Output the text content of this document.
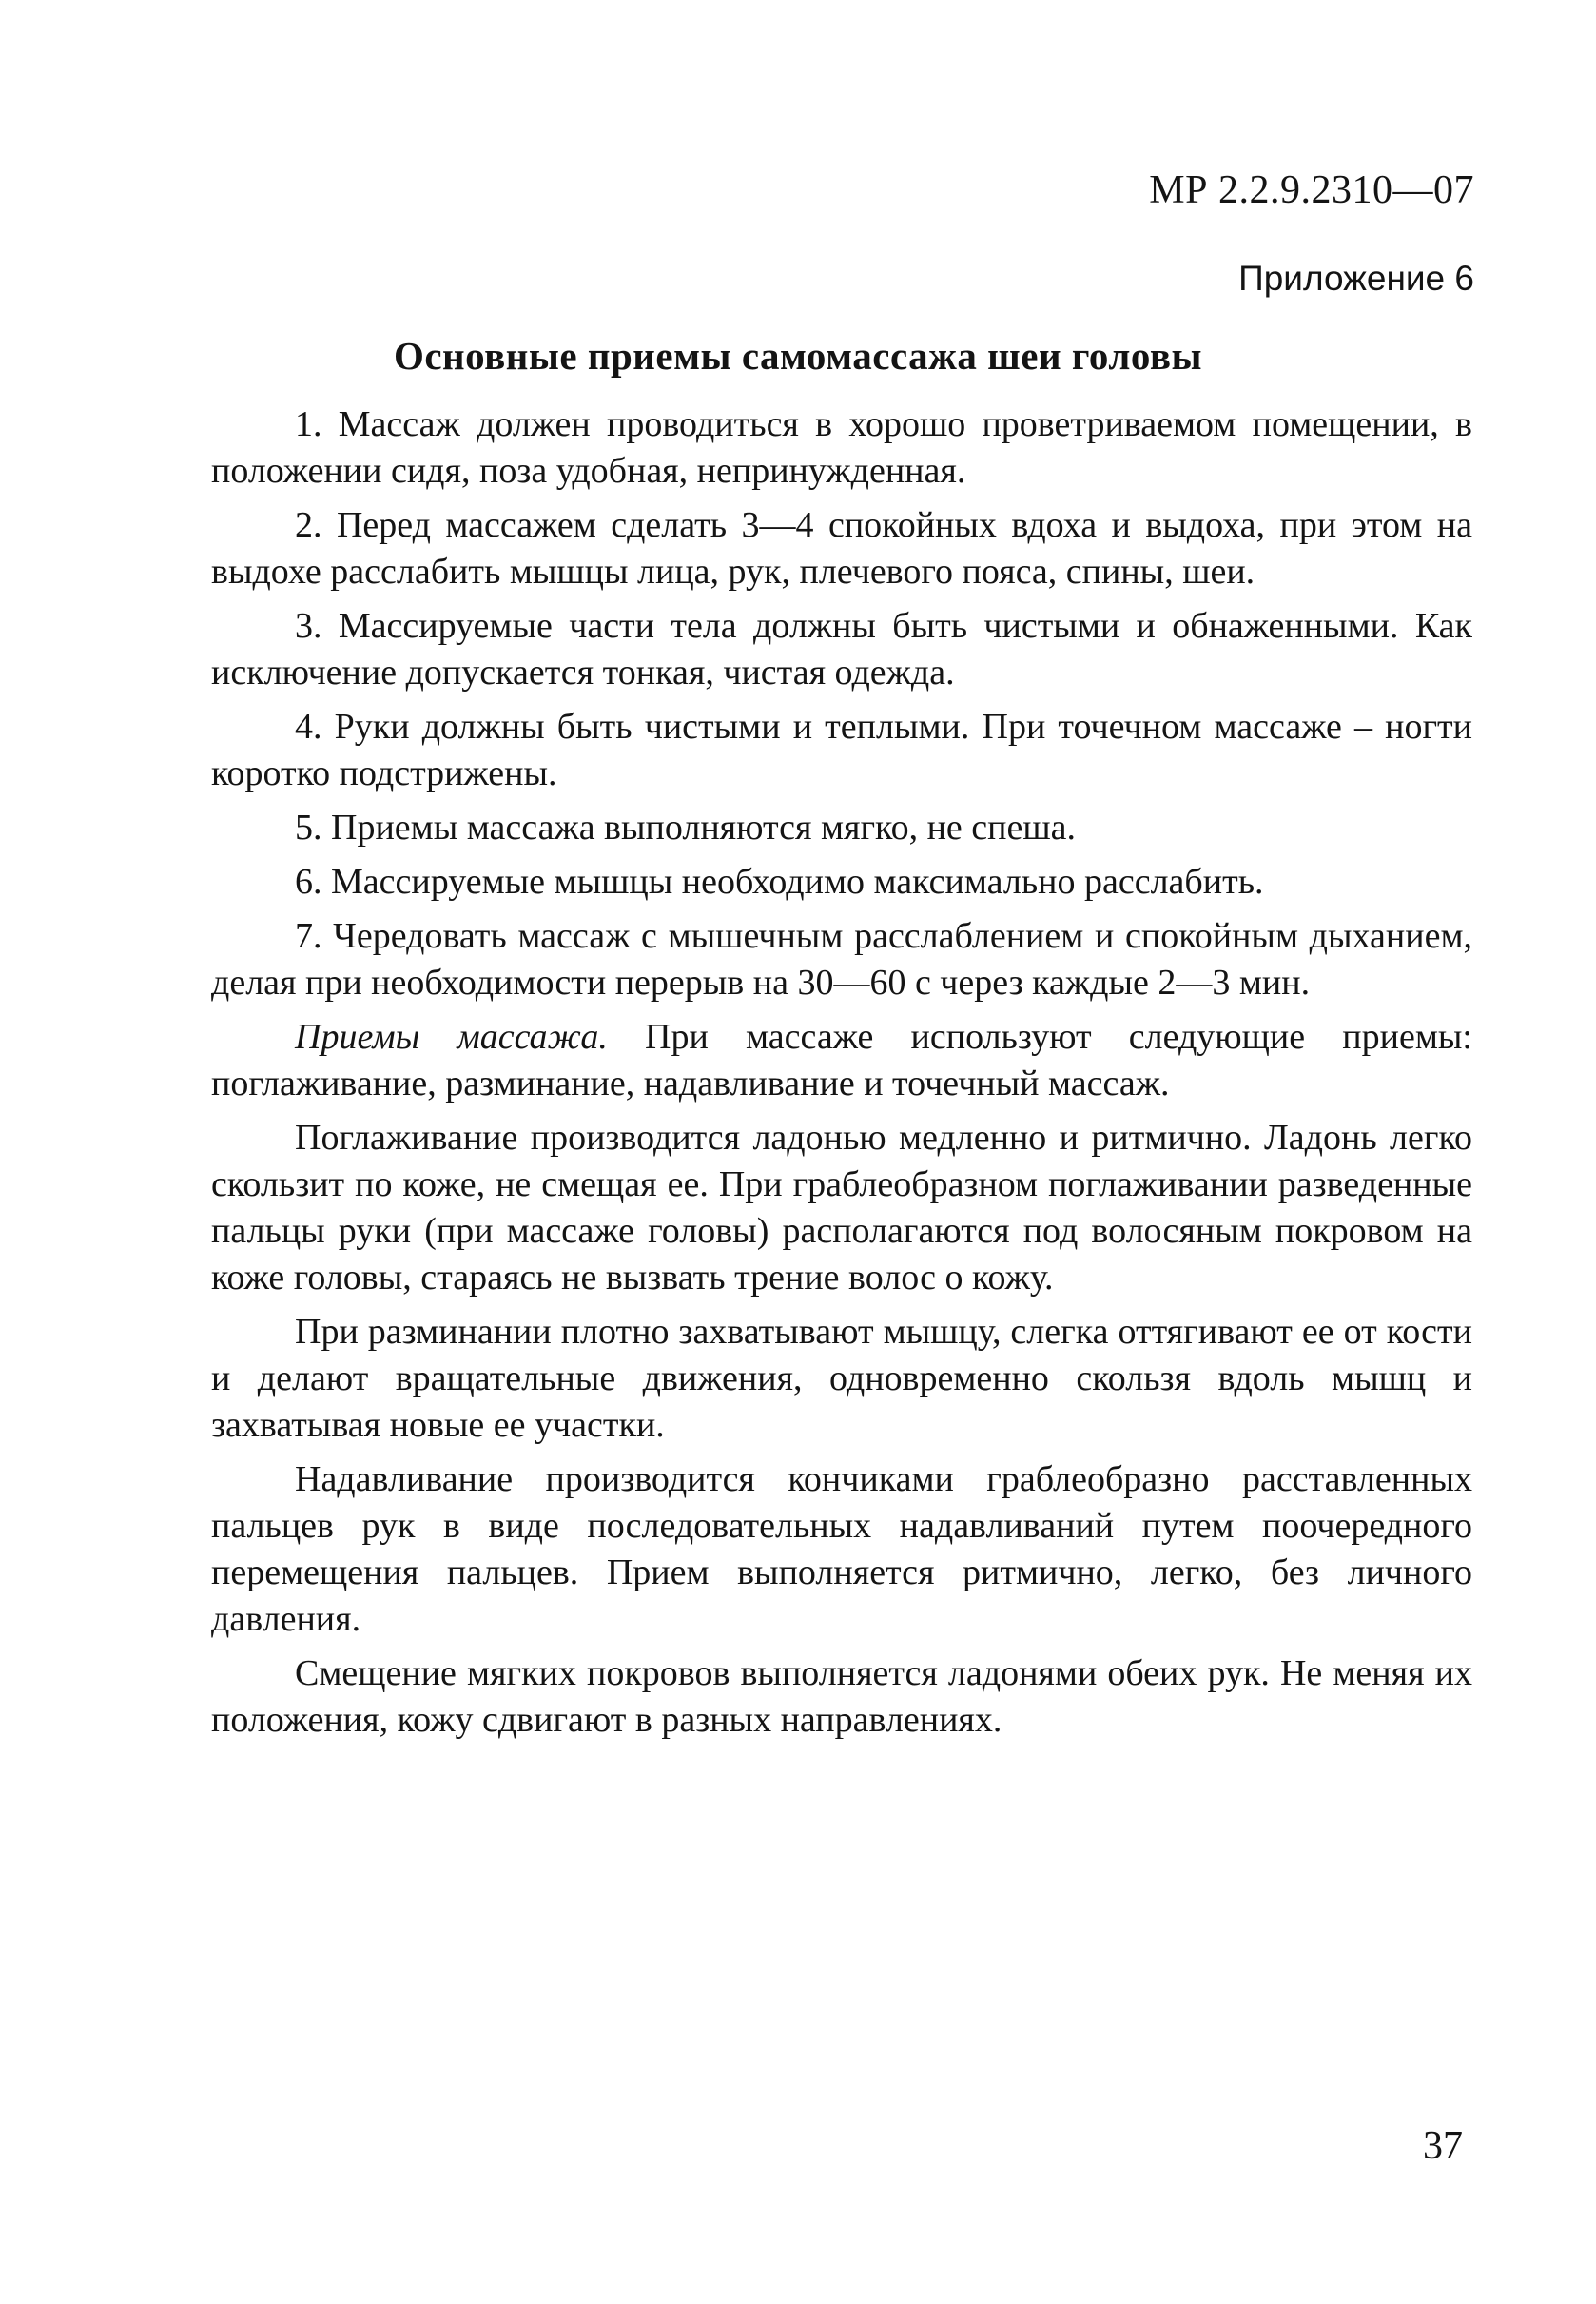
МР 2.2.9.2310—07
Приложение 6
Основные приемы самомассажа шеи головы

1. Массаж должен проводиться в хорошо проветриваемом помещении, в положении сидя, поза удобная, непринужденная.

2. Перед массажем сделать 3—4 спокойных вдоха и выдоха, при этом на выдохе расслабить мышцы лица, рук, плечевого пояса, спины, шеи.

3. Массируемые части тела должны быть чистыми и обнаженными. Как исключение допускается тонкая, чистая одежда.

4. Руки должны быть чистыми и теплыми. При точечном массаже – ногти коротко подстрижены.

5. Приемы массажа выполняются мягко, не спеша.

6. Массируемые мышцы необходимо максимально расслабить.

7. Чередовать массаж с мышечным расслаблением и спокойным дыханием, делая при необходимости перерыв на 30—60 с через каждые 2—3 мин.

Приемы массажа. При массаже используют следующие приемы: поглаживание, разминание, надавливание и точечный массаж.

Поглаживание производится ладонью медленно и ритмично. Ладонь легко скользит по коже, не смещая ее. При граблеобразном поглаживании разведенные пальцы руки (при массаже головы) располагаются под волосяным покровом на коже головы, стараясь не вызвать трение волос о кожу.

При разминании плотно захватывают мышцу, слегка оттягивают ее от кости и делают вращательные движения, одновременно скользя вдоль мышц и захватывая новые ее участки.

Надавливание производится кончиками граблеобразно расставленных пальцев рук в виде последовательных надавливаний путем поочередного перемещения пальцев. Прием выполняется ритмично, легко, без личного давления.

Смещение мягких покровов выполняется ладонями обеих рук. Не меняя их положения, кожу сдвигают в разных направлениях.

37
